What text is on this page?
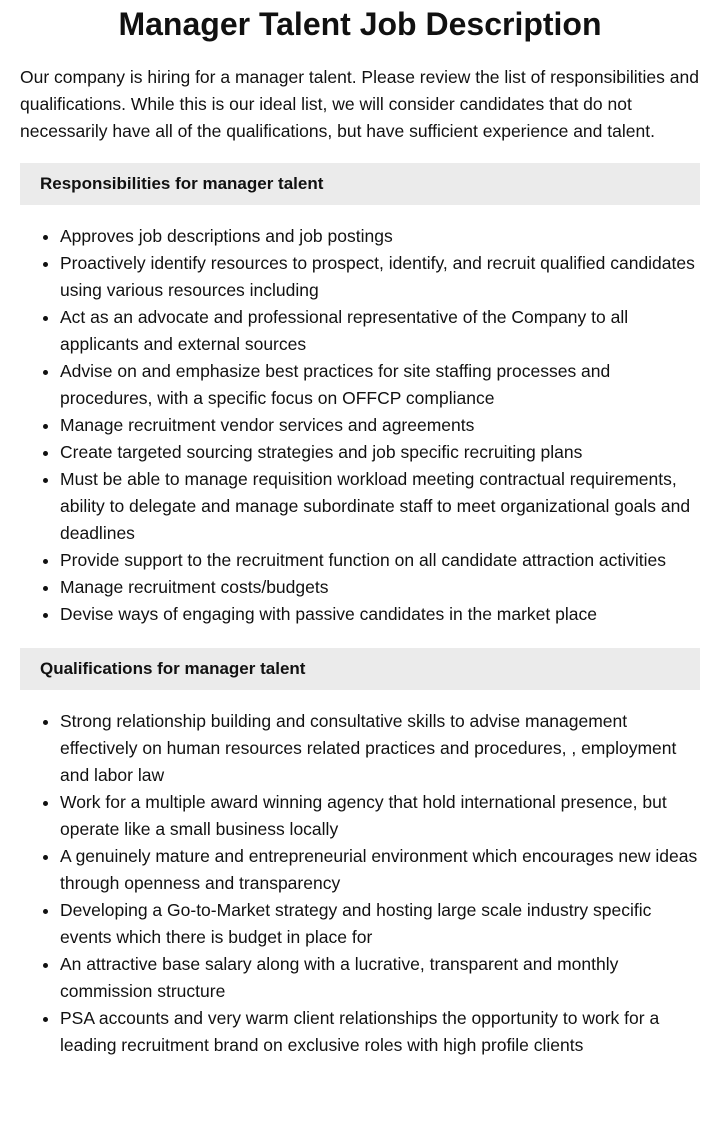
Manager Talent Job Description

Our company is hiring for a manager talent. Please review the list of responsibilities and qualifications. While this is our ideal list, we will consider candidates that do not necessarily have all of the qualifications, but have sufficient experience and talent.

Responsibilities for manager talent
• Approves job descriptions and job postings
• Proactively identify resources to prospect, identify, and recruit qualified candidates using various resources including
• Act as an advocate and professional representative of the Company to all applicants and external sources
• Advise on and emphasize best practices for site staffing processes and procedures, with a specific focus on OFFCP compliance
• Manage recruitment vendor services and agreements
• Create targeted sourcing strategies and job specific recruiting plans
• Must be able to manage requisition workload meeting contractual requirements, ability to delegate and manage subordinate staff to meet organizational goals and deadlines
• Provide support to the recruitment function on all candidate attraction activities
• Manage recruitment costs/budgets
• Devise ways of engaging with passive candidates in the market place
Qualifications for manager talent
• Strong relationship building and consultative skills to advise management effectively on human resources related practices and procedures, , employment and labor law
• Work for a multiple award winning agency that hold international presence, but operate like a small business locally
• A genuinely mature and entrepreneurial environment which encourages new ideas through openness and transparency
• Developing a Go-to-Market strategy and hosting large scale industry specific events which there is budget in place for
• An attractive base salary along with a lucrative, transparent and monthly commission structure
• PSA accounts and very warm client relationships the opportunity to work for a leading recruitment brand on exclusive roles with high profile clients
